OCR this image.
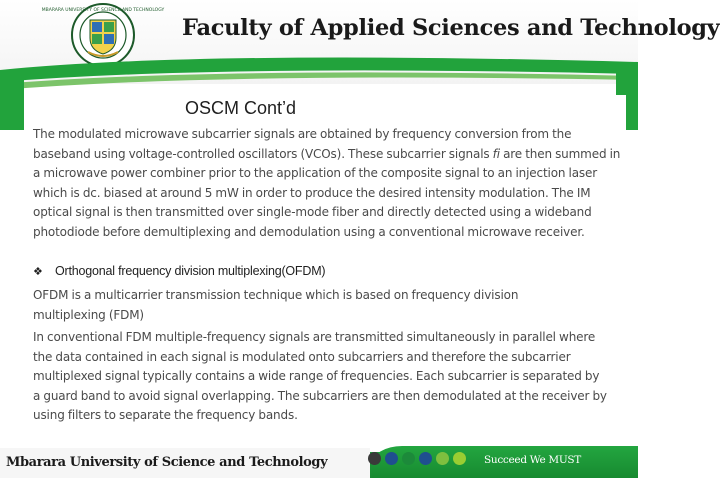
MBARARA UNIVERSITY OF SCIENCE AND TECHNOLOGY
Faculty of Applied Sciences and Technology
OSCM Cont’d

The modulated microwave subcarrier signals are obtained by frequency conversion from the baseband using voltage-controlled oscillators (VCOs). These subcarrier signals fi are then summed in a microwave power combiner prior to the application of the composite signal to an injection laser which is dc. biased at around 5 mW in order to produce the desired intensity modulation. The IM optical signal is then transmitted over single-mode fiber and directly detected using a wideband photodiode before demultiplexing and demodulation using a conventional microwave receiver.

❖ Orthogonal frequency division multiplexing(OFDM)

OFDM is a multicarrier transmission technique which is based on frequency division multiplexing (FDM)

In conventional FDM multiple-frequency signals are transmitted simultaneously in parallel where the data contained in each signal is modulated onto subcarriers and therefore the subcarrier multiplexed signal typically contains a wide range of frequencies. Each subcarrier is separated by a guard band to avoid signal overlapping. The subcarriers are then demodulated at the receiver by using filters to separate the frequency bands.

Mbarara University of Science and Technology	Succeed We MUST
